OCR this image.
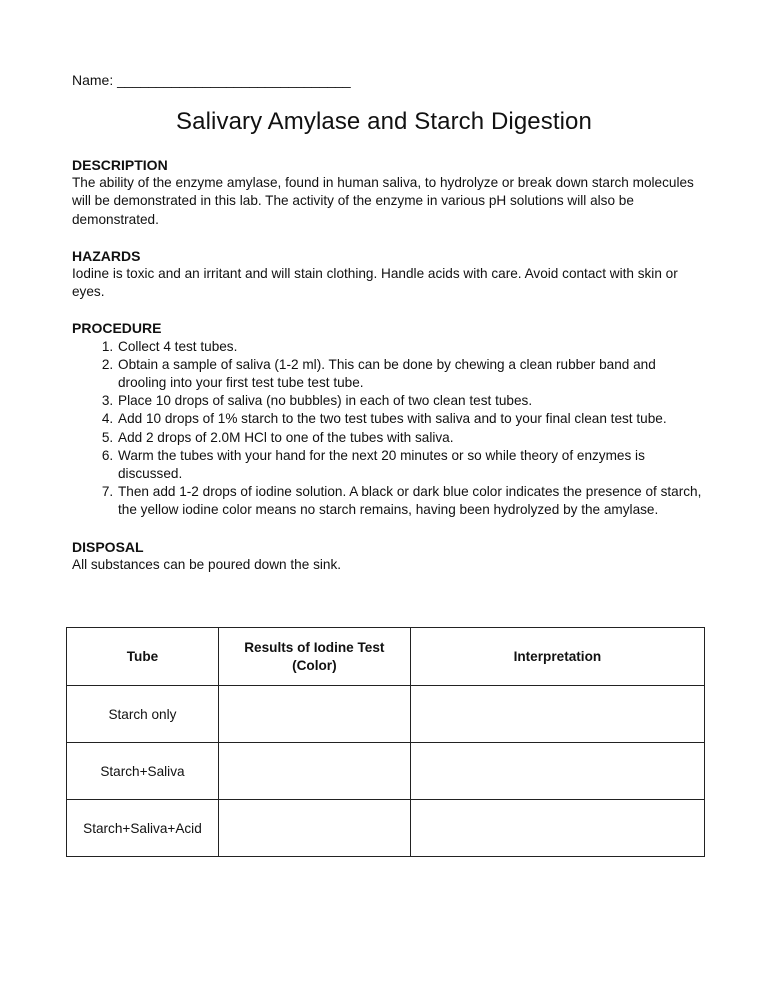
Name: ______________________________
Salivary Amylase and Starch Digestion
DESCRIPTION

The ability of the enzyme amylase, found in human saliva, to hydrolyze or break down starch molecules will be demonstrated in this lab. The activity of the enzyme in various pH solutions will also be demonstrated.

HAZARDS

Iodine is toxic and an irritant and will stain clothing. Handle acids with care. Avoid contact with skin or eyes.

PROCEDURE
1. Collect 4 test tubes.
2. Obtain a sample of saliva (1-2 ml). This can be done by chewing a clean rubber band and drooling into your first test tube test tube.
3. Place 10 drops of saliva (no bubbles) in each of two clean test tubes.
4. Add 10 drops of 1% starch to the two test tubes with saliva and to your final clean test tube.
5. Add 2 drops of 2.0M HCl to one of the tubes with saliva.
6. Warm the tubes with your hand for the next 20 minutes or so while theory of enzymes is discussed.
7. Then add 1-2 drops of iodine solution. A black or dark blue color indicates the presence of starch, the yellow iodine color means no starch remains, having been hydrolyzed by the amylase.
DISPOSAL

All substances can be poured down the sink.

Tube	Results of Iodine Test (Color)	Interpretation
Starch only		
Starch+Saliva		
Starch+Saliva+Acid		
